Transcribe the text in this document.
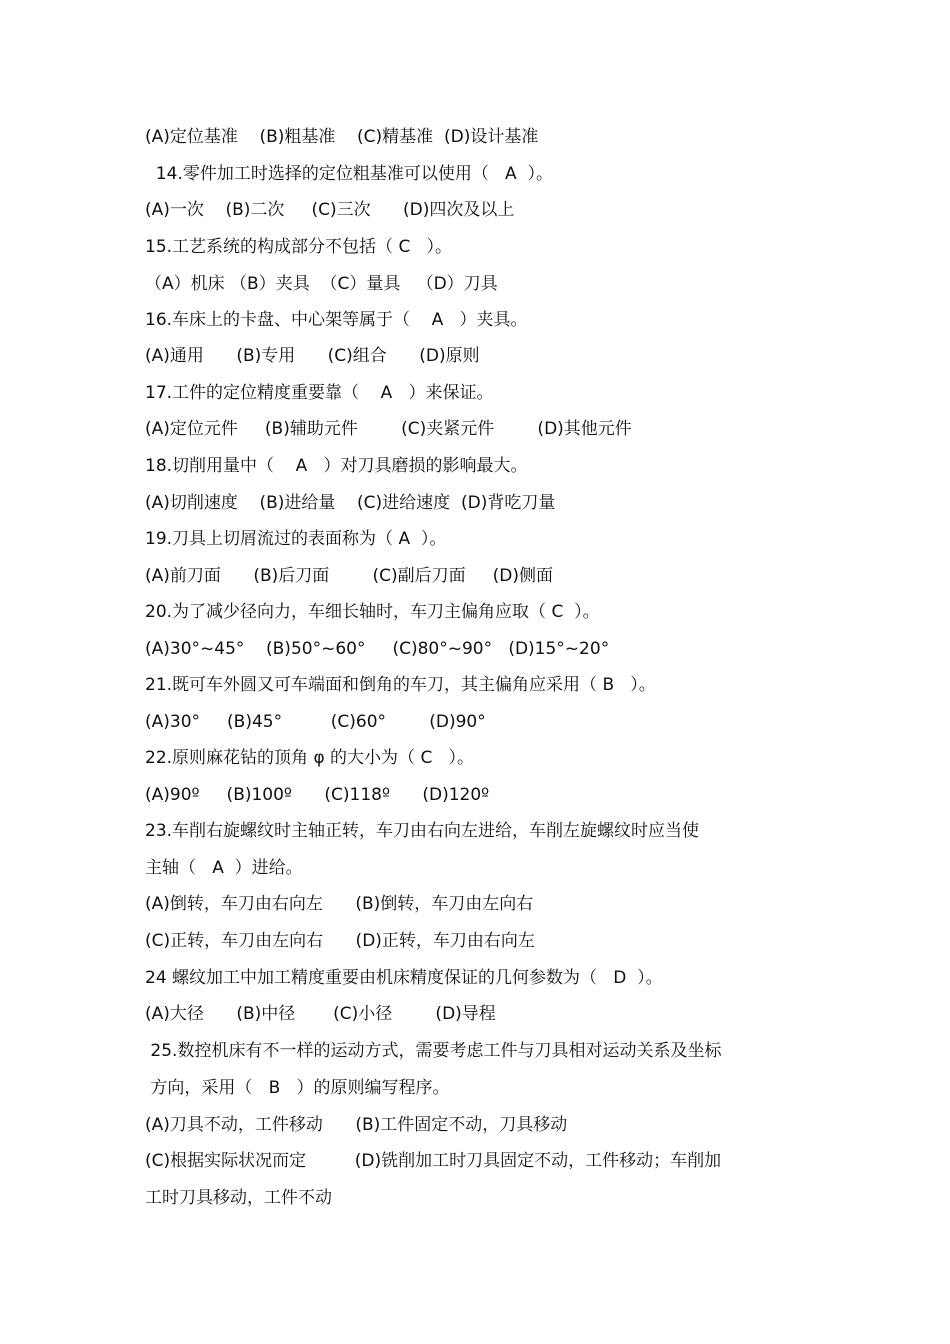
(A)定位基准    (B)粗基准    (C)精基准  (D)设计基准
14.零件加工时选择的定位粗基准可以使用（   A  ）。
(A)一次    (B)二次     (C)三次      (D)四次及以上
15.工艺系统的构成部分不包括（ C   ）。
（A）机床 （B）夹具  （C）量具   （D）刀具
16.车床上的卡盘、中心架等属于（    A   ）夹具。
(A)通用      (B)专用      (C)组合      (D)原则
17.工件的定位精度重要靠（    A   ）来保证。
(A)定位元件     (B)辅助元件        (C)夹紧元件        (D)其他元件
18.切削用量中（    A   ）对刀具磨损的影响最大。
(A)切削速度    (B)进给量    (C)进给速度  (D)背吃刀量
19.刀具上切屑流过的表面称为（ A  ）。
(A)前刀面      (B)后刀面        (C)副后刀面     (D)侧面
20.为了减少径向力，车细长轴时，车刀主偏角应取（ C  ）。
(A)30°~45°    (B)50°~60°     (C)80°~90°   (D)15°~20°
21.既可车外圆又可车端面和倒角的车刀，其主偏角应采用（ B   ）。
(A)30°     (B)45°         (C)60°        (D)90°
22.原则麻花钻的顶角 φ 的大小为（ C   ）。
(A)90º     (B)100º      (C)118º      (D)120º
23.车削右旋螺纹时主轴正转，车刀由右向左进给，车削左旋螺纹时应当使
主轴（   A  ）进给。
(A)倒转，车刀由右向左      (B)倒转，车刀由左向右
(C)正转，车刀由左向右      (D)正转，车刀由右向左
24 螺纹加工中加工精度重要由机床精度保证的几何参数为（   D  ）。
(A)大径      (B)中径       (C)小径        (D)导程
25.数控机床有不一样的运动方式，需要考虑工件与刀具相对运动关系及坐标
方向，采用（   B   ）的原则编写程序。
(A)刀具不动，工件移动      (B)工件固定不动，刀具移动
(C)根据实际状况而定         (D)铣削加工时刀具固定不动，工件移动；车削加
工时刀具移动，工件不动
